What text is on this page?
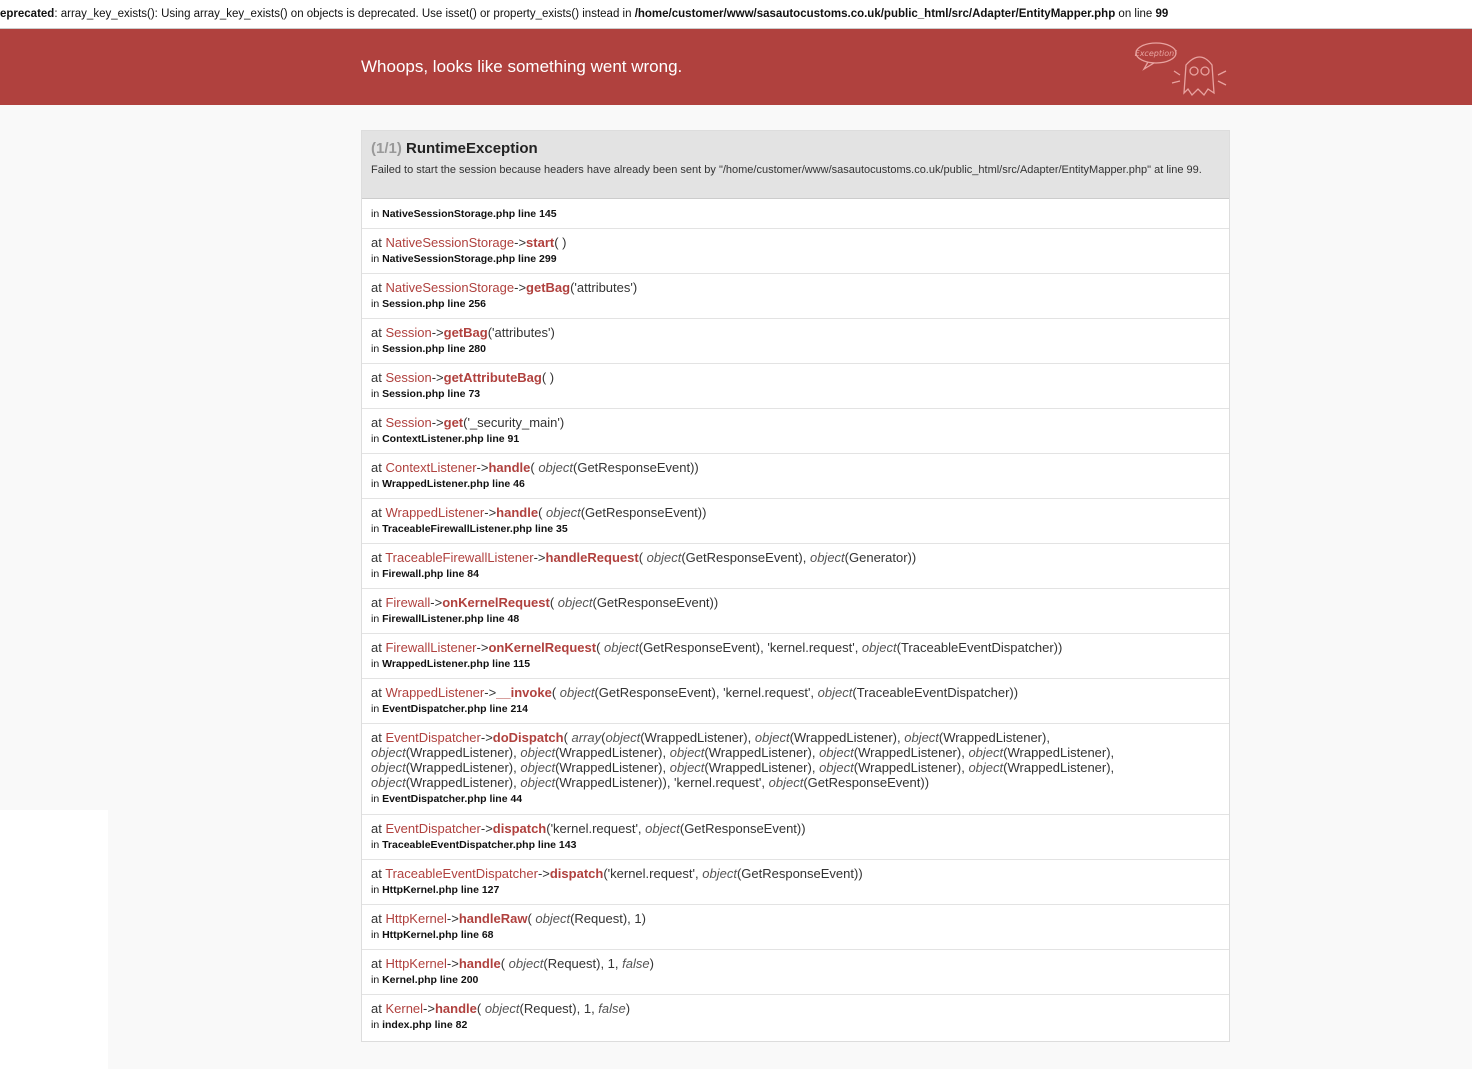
eprecated: array_key_exists(): Using array_key_exists() on objects is deprecated. Use isset() or property_exists() instead in /home/customer/www/sasautocustoms.co.uk/public_html/src/Adapter/EntityMapper.php on line 99
Whoops, looks like something went wrong.
Exception!
(1/1) RuntimeException
Failed to start the session because headers have already been sent by "/home/customer/www/sasautocustoms.co.uk/public_html/src/Adapter/EntityMapper.php" at line 99.
in NativeSessionStorage.php line 145
at NativeSessionStorage->start( )
in NativeSessionStorage.php line 299
at NativeSessionStorage->getBag('attributes')
in Session.php line 256
at Session->getBag('attributes')
in Session.php line 280
at Session->getAttributeBag( )
in Session.php line 73
at Session->get('_security_main')
in ContextListener.php line 91
at ContextListener->handle( object(GetResponseEvent))
in WrappedListener.php line 46
at WrappedListener->handle( object(GetResponseEvent))
in TraceableFirewallListener.php line 35
at TraceableFirewallListener->handleRequest( object(GetResponseEvent), object(Generator))
in Firewall.php line 84
at Firewall->onKernelRequest( object(GetResponseEvent))
in FirewallListener.php line 48
at FirewallListener->onKernelRequest( object(GetResponseEvent), 'kernel.request', object(TraceableEventDispatcher))
in WrappedListener.php line 115
at WrappedListener->__invoke( object(GetResponseEvent), 'kernel.request', object(TraceableEventDispatcher))
in EventDispatcher.php line 214
at EventDispatcher->doDispatch( array(object(WrappedListener), object(WrappedListener), object(WrappedListener), object(WrappedListener), object(WrappedListener), object(WrappedListener), object(WrappedListener), object(WrappedListener), object(WrappedListener), object(WrappedListener), object(WrappedListener), object(WrappedListener), object(WrappedListener), object(WrappedListener), object(WrappedListener)), 'kernel.request', object(GetResponseEvent))
in EventDispatcher.php line 44
at EventDispatcher->dispatch('kernel.request', object(GetResponseEvent))
in TraceableEventDispatcher.php line 143
at TraceableEventDispatcher->dispatch('kernel.request', object(GetResponseEvent))
in HttpKernel.php line 127
at HttpKernel->handleRaw( object(Request), 1)
in HttpKernel.php line 68
at HttpKernel->handle( object(Request), 1, false)
in Kernel.php line 200
at Kernel->handle( object(Request), 1, false)
in index.php line 82
